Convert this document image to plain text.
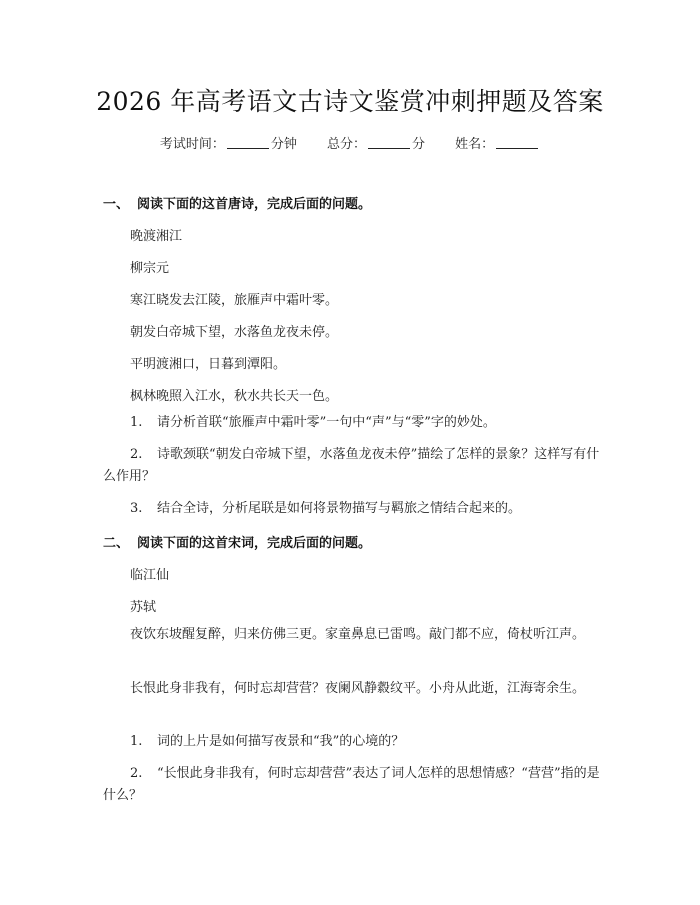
2026 年高考语文古诗文鉴赏冲刺押题及答案
考试时间：	分钟 总分：	分 姓名：
一、 阅读下面的这首唐诗，完成后面的问题。
晚渡湘江
柳宗元
寒江晓发去江陵，旅雁声中霜叶零。
朝发白帝城下望，水落鱼龙夜未停。
平明渡湘口，日暮到潭阳。
枫林晚照入江水，秋水共长天一色。
1. 请分析首联“旅雁声中霜叶零”一句中“声”与“零”字的妙处。
2. 诗歌颈联“朝发白帝城下望，水落鱼龙夜未停”描绘了怎样的景象？这样写有什么作用？
3. 结合全诗，分析尾联是如何将景物描写与羁旅之情结合起来的。
二、 阅读下面的这首宋词，完成后面的问题。
临江仙
苏轼
夜饮东坡醒复醉，归来仿佛三更。家童鼻息已雷鸣。敲门都不应，倚杖听江声。
长恨此身非我有，何时忘却营营？夜阑风静縠纹平。小舟从此逝，江海寄余生。
1. 词的上片是如何描写夜景和“我”的心境的？
2. “长恨此身非我有，何时忘却营营”表达了词人怎样的思想情感？“营营”指的是什么？
